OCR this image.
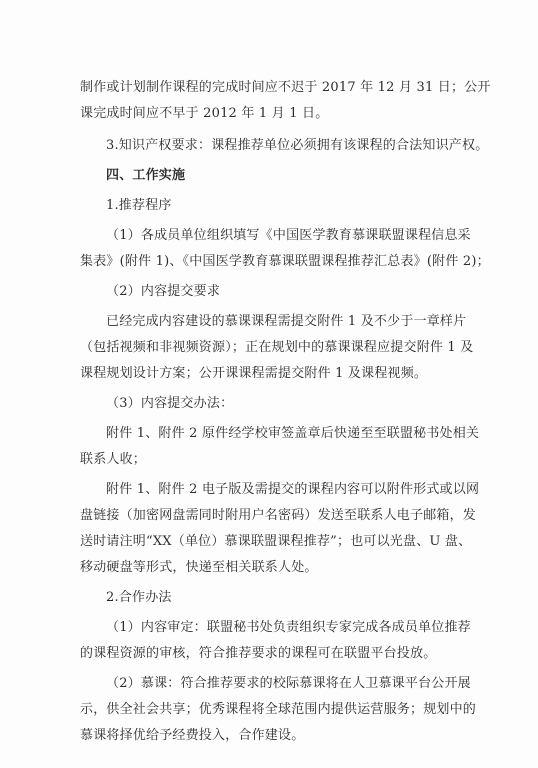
制作或计划制作课程的完成时间应不迟于 2017 年 12 月 31 日；公开
课完成时间应不早于 2012 年 1 月 1 日。
3.知识产权要求：课程推荐单位必须拥有该课程的合法知识产权。
四、工作实施
1.推荐程序
（1）各成员单位组织填写《中国医学教育慕课联盟课程信息采
集表》(附件 1)、《中国医学教育慕课联盟课程推荐汇总表》(附件 2)；
（2）内容提交要求
已经完成内容建设的慕课课程需提交附件 1 及不少于一章样片
（包括视频和非视频资源）；正在规划中的慕课课程应提交附件 1 及
课程规划设计方案；公开课课程需提交附件 1 及课程视频。
（3）内容提交办法：
附件 1、附件 2 原件经学校审签盖章后快递至至联盟秘书处相关
联系人收；
附件 1、附件 2 电子版及需提交的课程内容可以附件形式或以网
盘链接（加密网盘需同时附用户名密码）发送至联系人电子邮箱，发
送时请注明“XX（单位）慕课联盟课程推荐”；也可以光盘、U 盘、
移动硬盘等形式，快递至相关联系人处。
2.合作办法
（1）内容审定：联盟秘书处负责组织专家完成各成员单位推荐
的课程资源的审核，符合推荐要求的课程可在联盟平台投放。
（2）慕课：符合推荐要求的校际慕课将在人卫慕课平台公开展
示，供全社会共享；优秀课程将全球范围内提供运营服务；规划中的
慕课将择优给予经费投入，合作建设。
